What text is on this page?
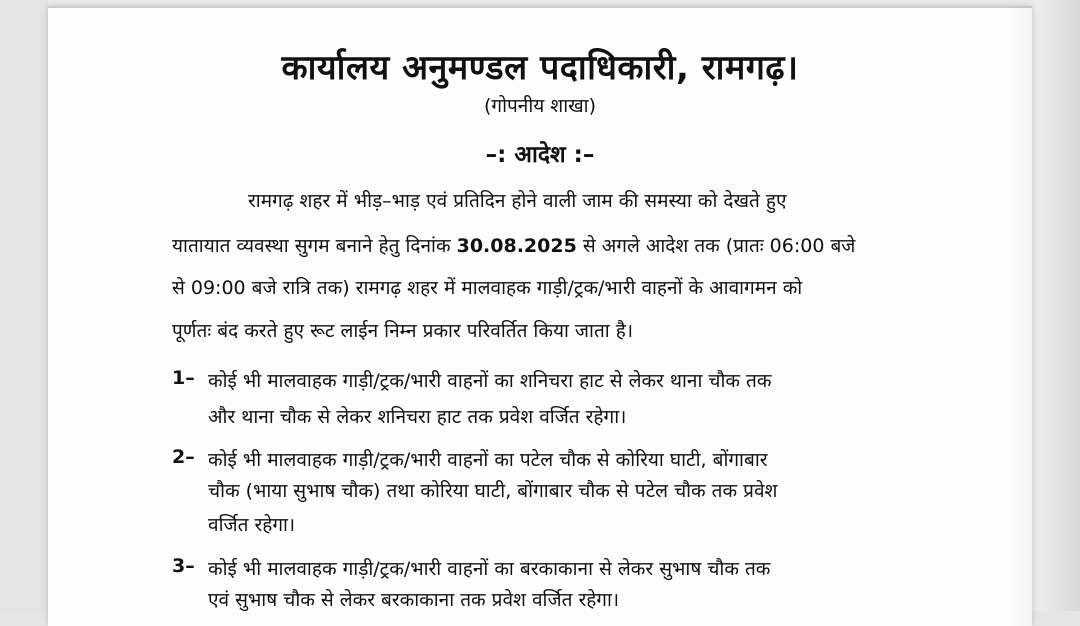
कार्यालय अनुमण्डल पदाधिकारी, रामगढ़।
(गोपनीय शाखा)
–: आदेश :–
रामगढ़ शहर में भीड़–भाड़ एवं प्रतिदिन होने वाली जाम की समस्या को देखते हुए
यातायात व्यवस्था सुगम बनाने हेतु दिनांक 30.08.2025 से अगले आदेश तक (प्रातः 06:00 बजे
से 09:00 बजे रात्रि तक) रामगढ़ शहर में मालवाहक गाड़ी/ट्रक/भारी वाहनों के आवागमन को
पूर्णतः बंद करते हुए रूट लाईन निम्न प्रकार परिवर्तित किया जाता है।
1– कोई भी मालवाहक गाड़ी/ट्रक/भारी वाहनों का शनिचरा हाट से लेकर थाना चौक तक
और थाना चौक से लेकर शनिचरा हाट तक प्रवेश वर्जित रहेगा।
2– कोई भी मालवाहक गाड़ी/ट्रक/भारी वाहनों का पटेल चौक से कोरिया घाटी, बोंगाबार
चौक (भाया सुभाष चौक) तथा कोरिया घाटी, बोंगाबार चौक से पटेल चौक तक प्रवेश
वर्जित रहेगा।
3– कोई भी मालवाहक गाड़ी/ट्रक/भारी वाहनों का बरकाकाना से लेकर सुभाष चौक तक
एवं सुभाष चौक से लेकर बरकाकाना तक प्रवेश वर्जित रहेगा।
